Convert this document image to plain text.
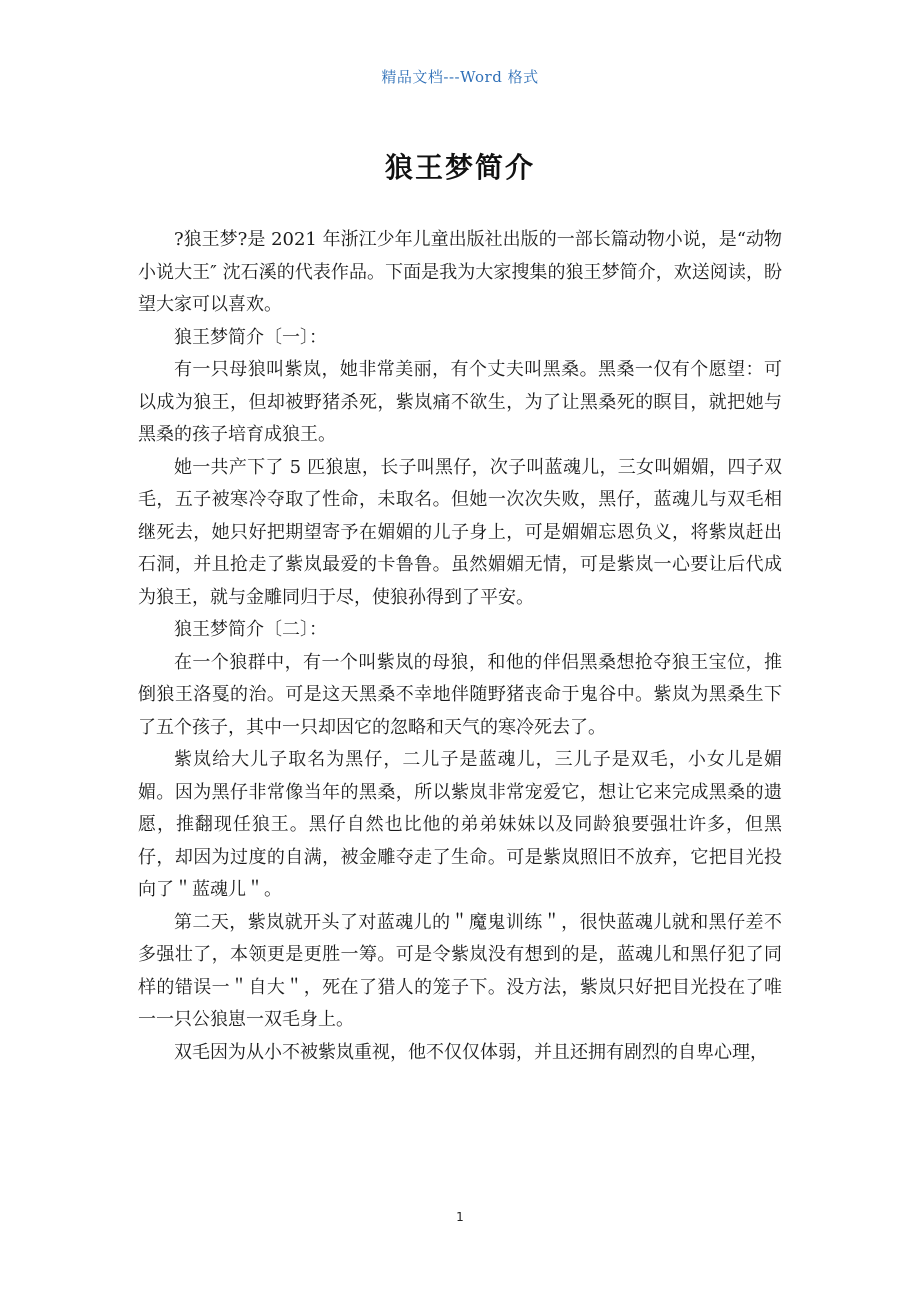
精品文档---Word 格式
狼王梦简介

?狼王梦?是 2021 年浙江少年儿童出版社出版的一部长篇动物小说，是“动物小说大王″ 沈石溪的代表作品。下面是我为大家搜集的狼王梦简介，欢送阅读，盼望大家可以喜欢。

狼王梦简介〔一〕：

有一只母狼叫紫岚，她非常美丽，有个丈夫叫黑桑。黑桑一仅有个愿望：可以成为狼王，但却被野猪杀死，紫岚痛不欲生，为了让黑桑死的瞑目，就把她与黑桑的孩子培育成狼王。

她一共产下了 5 匹狼崽，长子叫黑仔，次子叫蓝魂儿，三女叫媚媚，四子双毛，五子被寒冷夺取了性命，未取名。但她一次次失败，黑仔，蓝魂儿与双毛相继死去，她只好把期望寄予在媚媚的儿子身上，可是媚媚忘恩负义，将紫岚赶出石洞，并且抢走了紫岚最爱的卡鲁鲁。虽然媚媚无情，可是紫岚一心要让后代成为狼王，就与金雕同归于尽，使狼孙得到了平安。

狼王梦简介〔二〕：

在一个狼群中，有一个叫紫岚的母狼，和他的伴侣黑桑想抢夺狼王宝位，推倒狼王洛戛的治。可是这天黑桑不幸地伴随野猪丧命于鬼谷中。紫岚为黑桑生下了五个孩子，其中一只却因它的忽略和天气的寒冷死去了。

紫岚给大儿子取名为黑仔，二儿子是蓝魂儿，三儿子是双毛，小女儿是媚媚。因为黑仔非常像当年的黑桑，所以紫岚非常宠爱它，想让它来完成黑桑的遗愿，推翻现任狼王。黑仔自然也比他的弟弟妹妹以及同龄狼要强壮许多，但黑仔，却因为过度的自满，被金雕夺走了生命。可是紫岚照旧不放弃，它把目光投向了＂蓝魂儿＂。

第二天，紫岚就开头了对蓝魂儿的＂魔鬼训练＂，很快蓝魂儿就和黑仔差不多强壮了，本领更是更胜一筹。可是令紫岚没有想到的是，蓝魂儿和黑仔犯了同样的错误一＂自大＂，死在了猎人的笼子下。没方法，紫岚只好把目光投在了唯一一只公狼崽一双毛身上。

双毛因为从小不被紫岚重视，他不仅仅体弱，并且还拥有剧烈的自卑心理，

1
